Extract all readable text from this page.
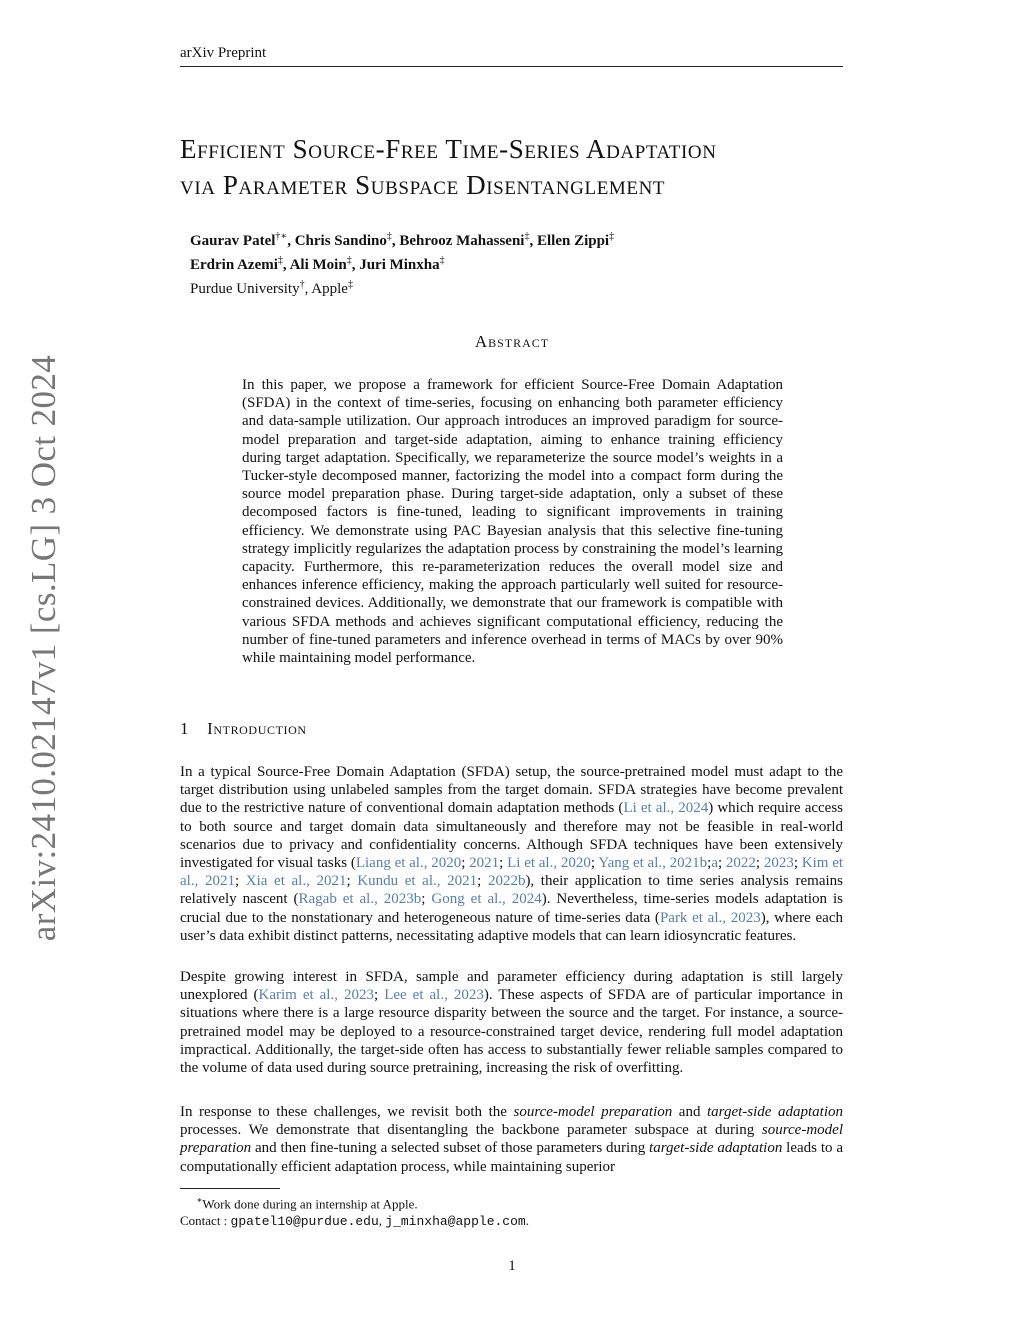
arXiv Preprint
arXiv:2410.02147v1 [cs.LG] 3 Oct 2024
Efficient Source-Free Time-Series Adaptation
via Parameter Subspace Disentanglement
Gaurav Patel†∗, Chris Sandino‡, Behrooz Mahasseni‡, Ellen Zippi‡
Erdrin Azemi‡, Ali Moin‡, Juri Minxha‡
Purdue University†, Apple‡
Abstract
In this paper, we propose a framework for efficient Source-Free Domain Adaptation (SFDA) in the context of time-series, focusing on enhancing both parameter efficiency and data-sample utilization. Our approach introduces an improved paradigm for source-model preparation and target-side adaptation, aiming to enhance training efficiency during target adaptation. Specifically, we reparameterize the source model’s weights in a Tucker-style decomposed manner, factorizing the model into a compact form during the source model preparation phase. During target-side adaptation, only a subset of these decomposed factors is fine-tuned, leading to significant improvements in training efficiency. We demonstrate using PAC Bayesian analysis that this selective fine-tuning strategy implicitly regularizes the adaptation process by constraining the model’s learning capacity. Furthermore, this re-parameterization reduces the overall model size and enhances inference efficiency, making the approach particularly well suited for resource-constrained devices. Additionally, we demonstrate that our framework is compatible with various SFDA methods and achieves significant computational efficiency, reducing the number of fine-tuned parameters and inference overhead in terms of MACs by over 90% while maintaining model performance.
1 Introduction
In a typical Source-Free Domain Adaptation (SFDA) setup, the source-pretrained model must adapt to the target distribution using unlabeled samples from the target domain. SFDA strategies have become prevalent due to the restrictive nature of conventional domain adaptation methods (Li et al., 2024) which require access to both source and target domain data simultaneously and therefore may not be feasible in real-world scenarios due to privacy and confidentiality concerns. Although SFDA techniques have been extensively investigated for visual tasks (Liang et al., 2020; 2021; Li et al., 2020; Yang et al., 2021b;a; 2022; 2023; Kim et al., 2021; Xia et al., 2021; Kundu et al., 2021; 2022b), their application to time series analysis remains relatively nascent (Ragab et al., 2023b; Gong et al., 2024). Nevertheless, time-series models adaptation is crucial due to the nonstationary and heterogeneous nature of time-series data (Park et al., 2023), where each user’s data exhibit distinct patterns, necessitating adaptive models that can learn idiosyncratic features.
Despite growing interest in SFDA, sample and parameter efficiency during adaptation is still largely unexplored (Karim et al., 2023; Lee et al., 2023). These aspects of SFDA are of particular importance in situations where there is a large resource disparity between the source and the target. For instance, a source-pretrained model may be deployed to a resource-constrained target device, rendering full model adaptation impractical. Additionally, the target-side often has access to substantially fewer reliable samples compared to the volume of data used during source pretraining, increasing the risk of overfitting.
In response to these challenges, we revisit both the source-model preparation and target-side adaptation processes. We demonstrate that disentangling the backbone parameter subspace at during source-model preparation and then fine-tuning a selected subset of those parameters during target-side adaptation leads to a computationally efficient adaptation process, while maintaining superior
∗Work done during an internship at Apple.
Contact : gpatel10@purdue.edu, j_minxha@apple.com.
1
